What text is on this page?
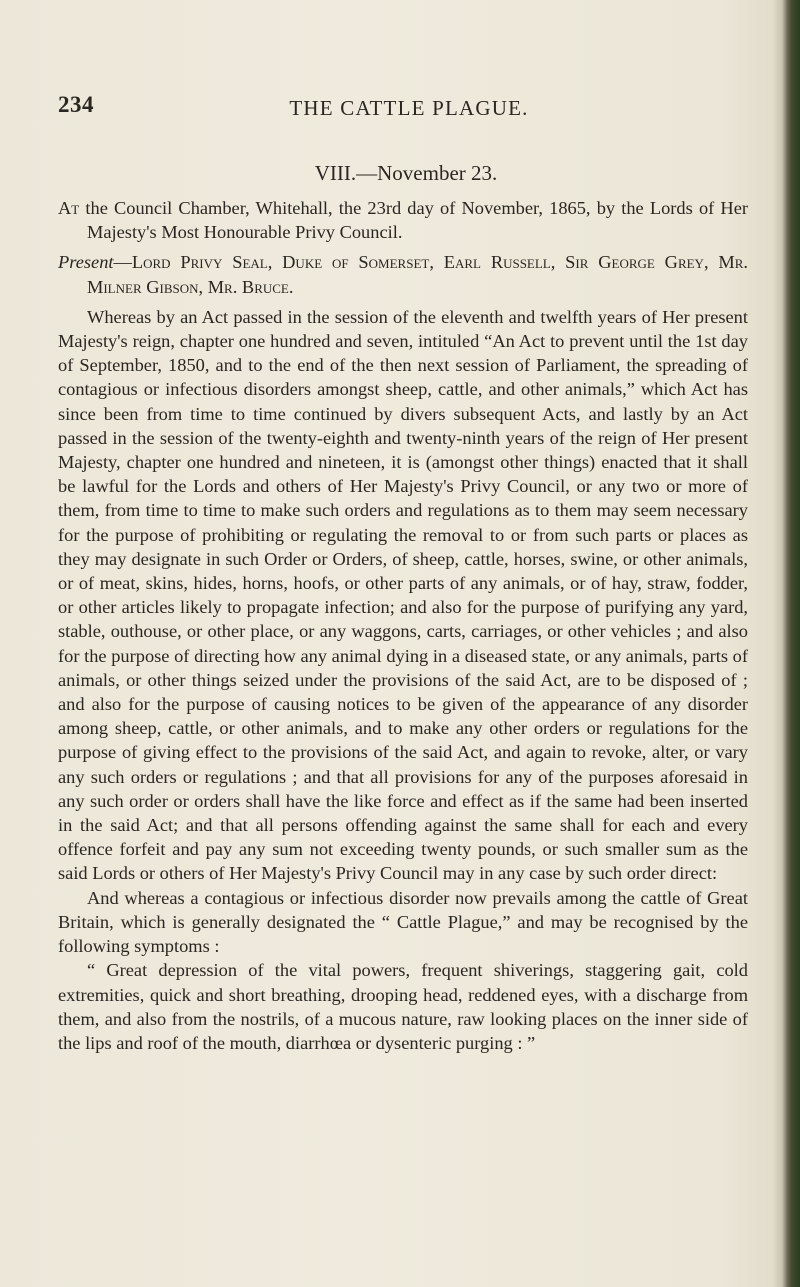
234	THE CATTLE PLAGUE.
VIII.—November 23.

At the Council Chamber, Whitehall, the 23rd day of November, 1865, by the Lords of Her Majesty's Most Honourable Privy Council.

Present—Lord Privy Seal, Duke of Somerset, Earl Russell, Sir George Grey, Mr. Milner Gibson, Mr. Bruce.

Whereas by an Act passed in the session of the eleventh and twelfth years of Her present Majesty's reign, chapter one hundred and seven, intituled “An Act to prevent until the 1st day of September, 1850, and to the end of the then next session of Parliament, the spreading of contagious or infectious disorders amongst sheep, cattle, and other animals,” which Act has since been from time to time continued by divers subsequent Acts, and lastly by an Act passed in the session of the twenty-eighth and twenty-ninth years of the reign of Her present Majesty, chapter one hundred and nineteen, it is (amongst other things) enacted that it shall be lawful for the Lords and others of Her Majesty's Privy Council, or any two or more of them, from time to time to make such orders and regulations as to them may seem necessary for the purpose of prohibiting or regulating the removal to or from such parts or places as they may designate in such Order or Orders, of sheep, cattle, horses, swine, or other animals, or of meat, skins, hides, horns, hoofs, or other parts of any animals, or of hay, straw, fodder, or other articles likely to propagate infection; and also for the purpose of purifying any yard, stable, outhouse, or other place, or any waggons, carts, carriages, or other vehicles ; and also for the purpose of directing how any animal dying in a diseased state, or any animals, parts of animals, or other things seized under the provisions of the said Act, are to be disposed of ; and also for the purpose of causing notices to be given of the appearance of any disorder among sheep, cattle, or other animals, and to make any other orders or regulations for the purpose of giving effect to the provisions of the said Act, and again to revoke, alter, or vary any such orders or regulations ; and that all provisions for any of the purposes aforesaid in any such order or orders shall have the like force and effect as if the same had been inserted in the said Act; and that all persons offending against the same shall for each and every offence forfeit and pay any sum not exceeding twenty pounds, or such smaller sum as the said Lords or others of Her Majesty's Privy Council may in any case by such order direct:

And whereas a contagious or infectious disorder now prevails among the cattle of Great Britain, which is generally designated the “ Cattle Plague,” and may be recognised by the following symptoms :

“ Great depression of the vital powers, frequent shiverings, staggering gait, cold extremities, quick and short breathing, drooping head, reddened eyes, with a discharge from them, and also from the nostrils, of a mucous nature, raw looking places on the inner side of the lips and roof of the mouth, diarrhœa or dysenteric purging : ”
